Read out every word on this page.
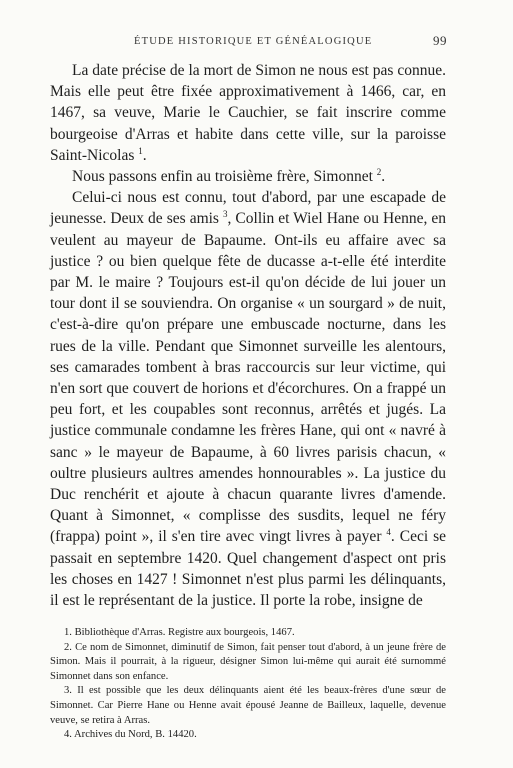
ÉTUDE HISTORIQUE ET GÉNÉALOGIQUE	99

La date précise de la mort de Simon ne nous est pas connue. Mais elle peut être fixée approximativement à 1466, car, en 1467, sa veuve, Marie le Cauchier, se fait inscrire comme bourgeoise d'Arras et habite dans cette ville, sur la paroisse Saint-Nicolas $^1$.

Nous passons enfin au troisième frère, Simonnet $^2$.

Celui-ci nous est connu, tout d'abord, par une escapade de jeunesse. Deux de ses amis $^3$, Collin et Wiel Hane ou Henne, en veulent au mayeur de Bapaume. Ont-ils eu affaire avec sa justice ? ou bien quelque fête de ducasse a-t-elle été interdite par M. le maire ? Toujours est-il qu'on décide de lui jouer un tour dont il se souviendra. On organise « un sourgard » de nuit, c'est-à-dire qu'on prépare une embuscade nocturne, dans les rues de la ville. Pendant que Simonnet surveille les alentours, ses camarades tombent à bras raccourcis sur leur victime, qui n'en sort que couvert de horions et d'écorchures. On a frappé un peu fort, et les coupables sont reconnus, arrêtés et jugés. La justice communale condamne les frères Hane, qui ont « navré à sanc » le mayeur de Bapaume, à 60 livres parisis chacun, « oultre plusieurs aultres amendes honnourables ». La justice du Duc renchérit et ajoute à chacun quarante livres d'amende. Quant à Simonnet, « complisse des susdits, lequel ne féry (frappa) point », il s'en tire avec vingt livres à payer $^4$. Ceci se passait en septembre 1420. Quel changement d'aspect ont pris les choses en 1427 ! Simonnet n'est plus parmi les délinquants, il est le représentant de la justice. Il porte la robe, insigne de

1. Bibliothèque d'Arras. Registre aux bourgeois, 1467.

2. Ce nom de Simonnet, diminutif de Simon, fait penser tout d'abord, à un jeune frère de Simon. Mais il pourrait, à la rigueur, désigner Simon lui-même qui aurait été surnommé Simonnet dans son enfance.

3. Il est possible que les deux délinquants aient été les beaux-frères d'une sœur de Simonnet. Car Pierre Hane ou Henne avait épousé Jeanne de Bailleux, laquelle, devenue veuve, se retira à Arras.

4. Archives du Nord, B. 14420.
